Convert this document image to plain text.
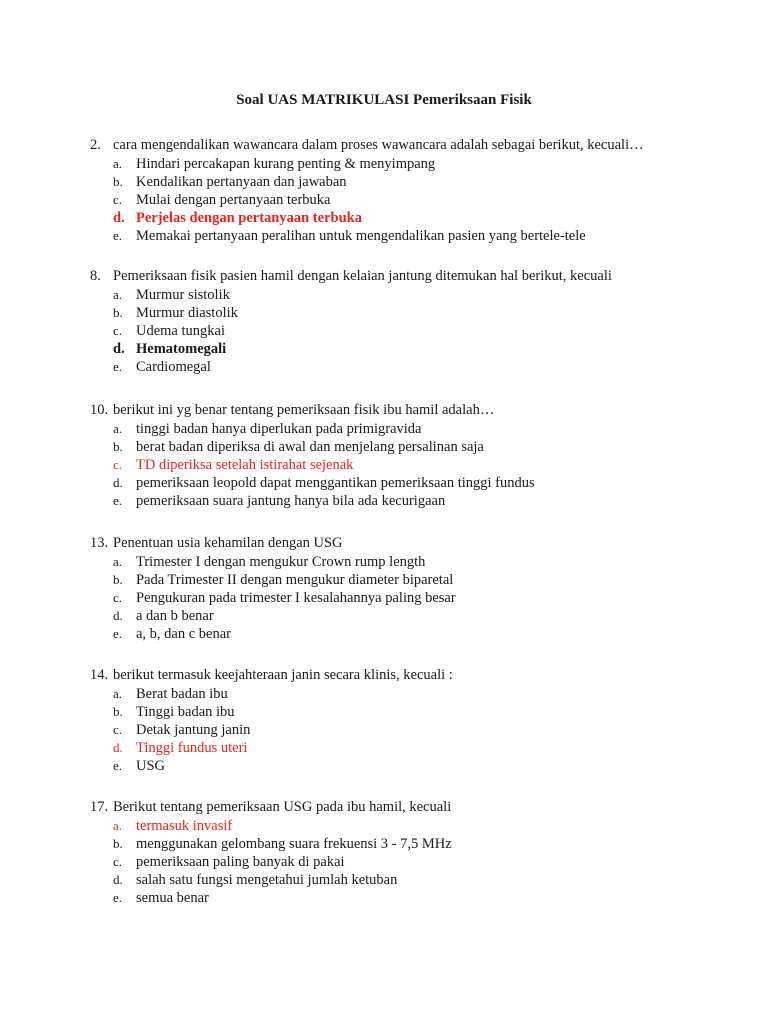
Soal UAS MATRIKULASI Pemeriksaan Fisik
2. cara mengendalikan wawancara dalam proses wawancara adalah sebagai berikut, kecuali…
a. Hindari percakapan kurang penting & menyimpang
b. Kendalikan pertanyaan dan jawaban
c. Mulai dengan pertanyaan terbuka
d. Perjelas dengan pertanyaan terbuka
e. Memakai pertanyaan peralihan untuk mengendalikan pasien yang bertele-tele
8. Pemeriksaan fisik pasien hamil dengan kelaian jantung ditemukan hal berikut, kecuali
a. Murmur sistolik
b. Murmur diastolik
c. Udema tungkai
d. Hematomegali
e. Cardiomegal
10. berikut ini yg benar tentang pemeriksaan fisik ibu hamil adalah…
a. tinggi badan hanya diperlukan pada primigravida
b. berat badan diperiksa di awal dan menjelang persalinan saja
c. TD diperiksa setelah istirahat sejenak
d. pemeriksaan leopold dapat menggantikan pemeriksaan tinggi fundus
e. pemeriksaan suara jantung hanya bila ada kecurigaan
13. Penentuan usia kehamilan dengan USG
a. Trimester I dengan mengukur Crown rump length
b. Pada Trimester II dengan mengukur diameter biparetal
c. Pengukuran pada trimester I kesalahannya paling besar
d. a dan b benar
e. a, b, dan c benar
14. berikut termasuk keejahteraan janin secara klinis, kecuali :
a. Berat badan ibu
b. Tinggi badan ibu
c. Detak jantung janin
d. Tinggi fundus uteri
e. USG
17. Berikut tentang pemeriksaan USG pada ibu hamil, kecuali
a. termasuk invasif
b. menggunakan gelombang suara frekuensi 3 - 7,5 MHz
c. pemeriksaan paling banyak di pakai
d. salah satu fungsi mengetahui jumlah ketuban
e. semua benar
